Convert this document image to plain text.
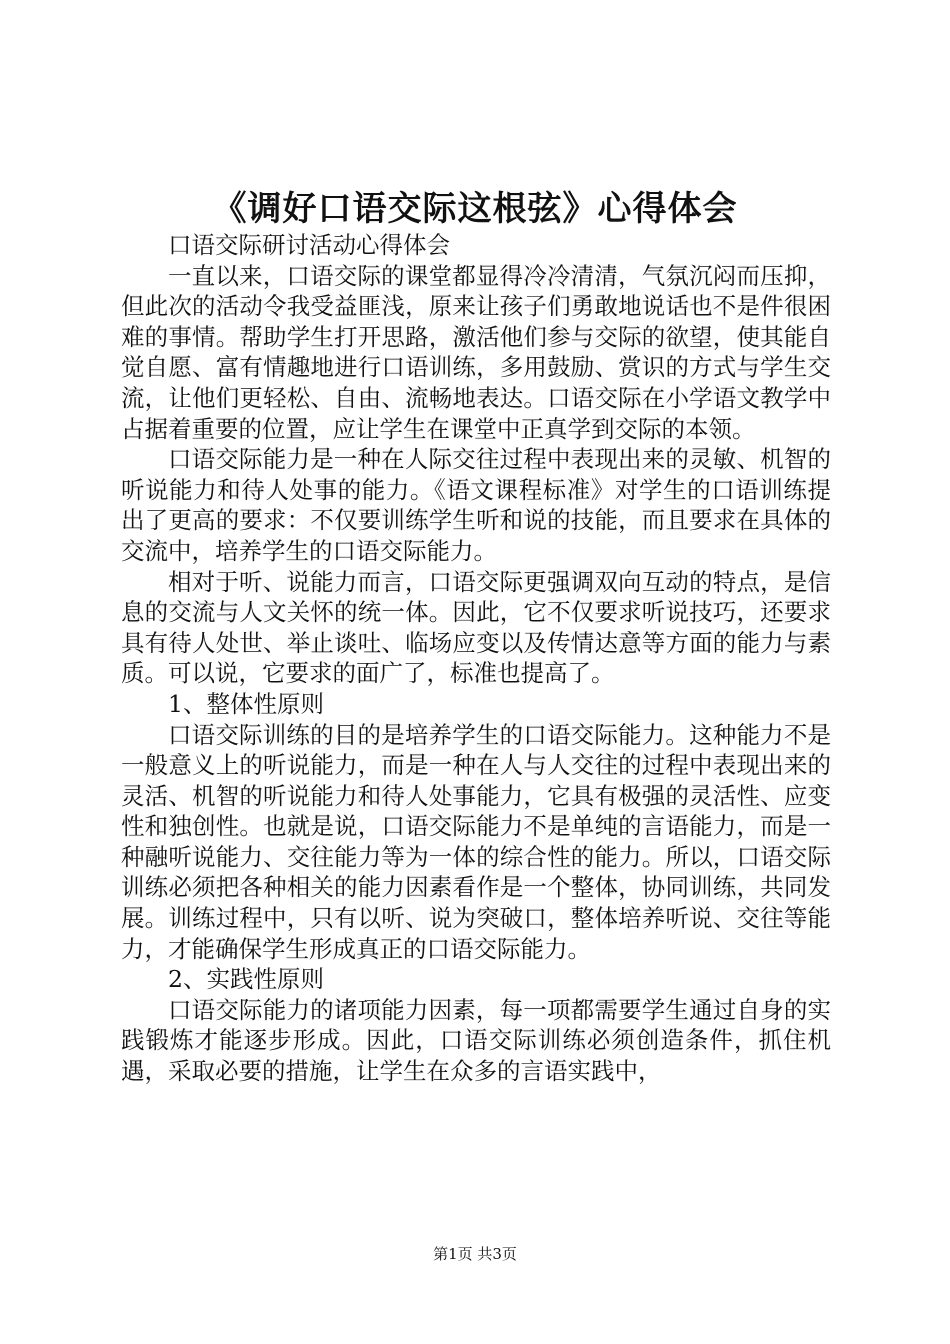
《调好口语交际这根弦》心得体会

口语交际研讨活动心得体会

一直以来，口语交际的课堂都显得冷冷清清，气氛沉闷而压抑，但此次的活动令我受益匪浅，原来让孩子们勇敢地说话也不是件很困难的事情。帮助学生打开思路，激活他们参与交际的欲望，使其能自觉自愿、富有情趣地进行口语训练，多用鼓励、赏识的方式与学生交流，让他们更轻松、自由、流畅地表达。口语交际在小学语文教学中占据着重要的位置，应让学生在课堂中正真学到交际的本领。

口语交际能力是一种在人际交往过程中表现出来的灵敏、机智的听说能力和待人处事的能力。《语文课程标准》对学生的口语训练提出了更高的要求：不仅要训练学生听和说的技能，而且要求在具体的交流中，培养学生的口语交际能力。

相对于听、说能力而言，口语交际更强调双向互动的特点，是信息的交流与人文关怀的统一体。因此，它不仅要求听说技巧，还要求具有待人处世、举止谈吐、临场应变以及传情达意等方面的能力与素质。可以说，它要求的面广了，标准也提高了。

1、整体性原则

口语交际训练的目的是培养学生的口语交际能力。这种能力不是一般意义上的听说能力，而是一种在人与人交往的过程中表现出来的灵活、机智的听说能力和待人处事能力，它具有极强的灵活性、应变性和独创性。也就是说，口语交际能力不是单纯的言语能力，而是一种融听说能力、交往能力等为一体的综合性的能力。所以，口语交际训练必须把各种相关的能力因素看作是一个整体，协同训练，共同发展。训练过程中，只有以听、说为突破口，整体培养听说、交往等能力，才能确保学生形成真正的口语交际能力。

2、实践性原则

口语交际能力的诸项能力因素，每一项都需要学生通过自身的实践锻炼才能逐步形成。因此，口语交际训练必须创造条件，抓住机遇，采取必要的措施，让学生在众多的言语实践中，

第1页 共3页
